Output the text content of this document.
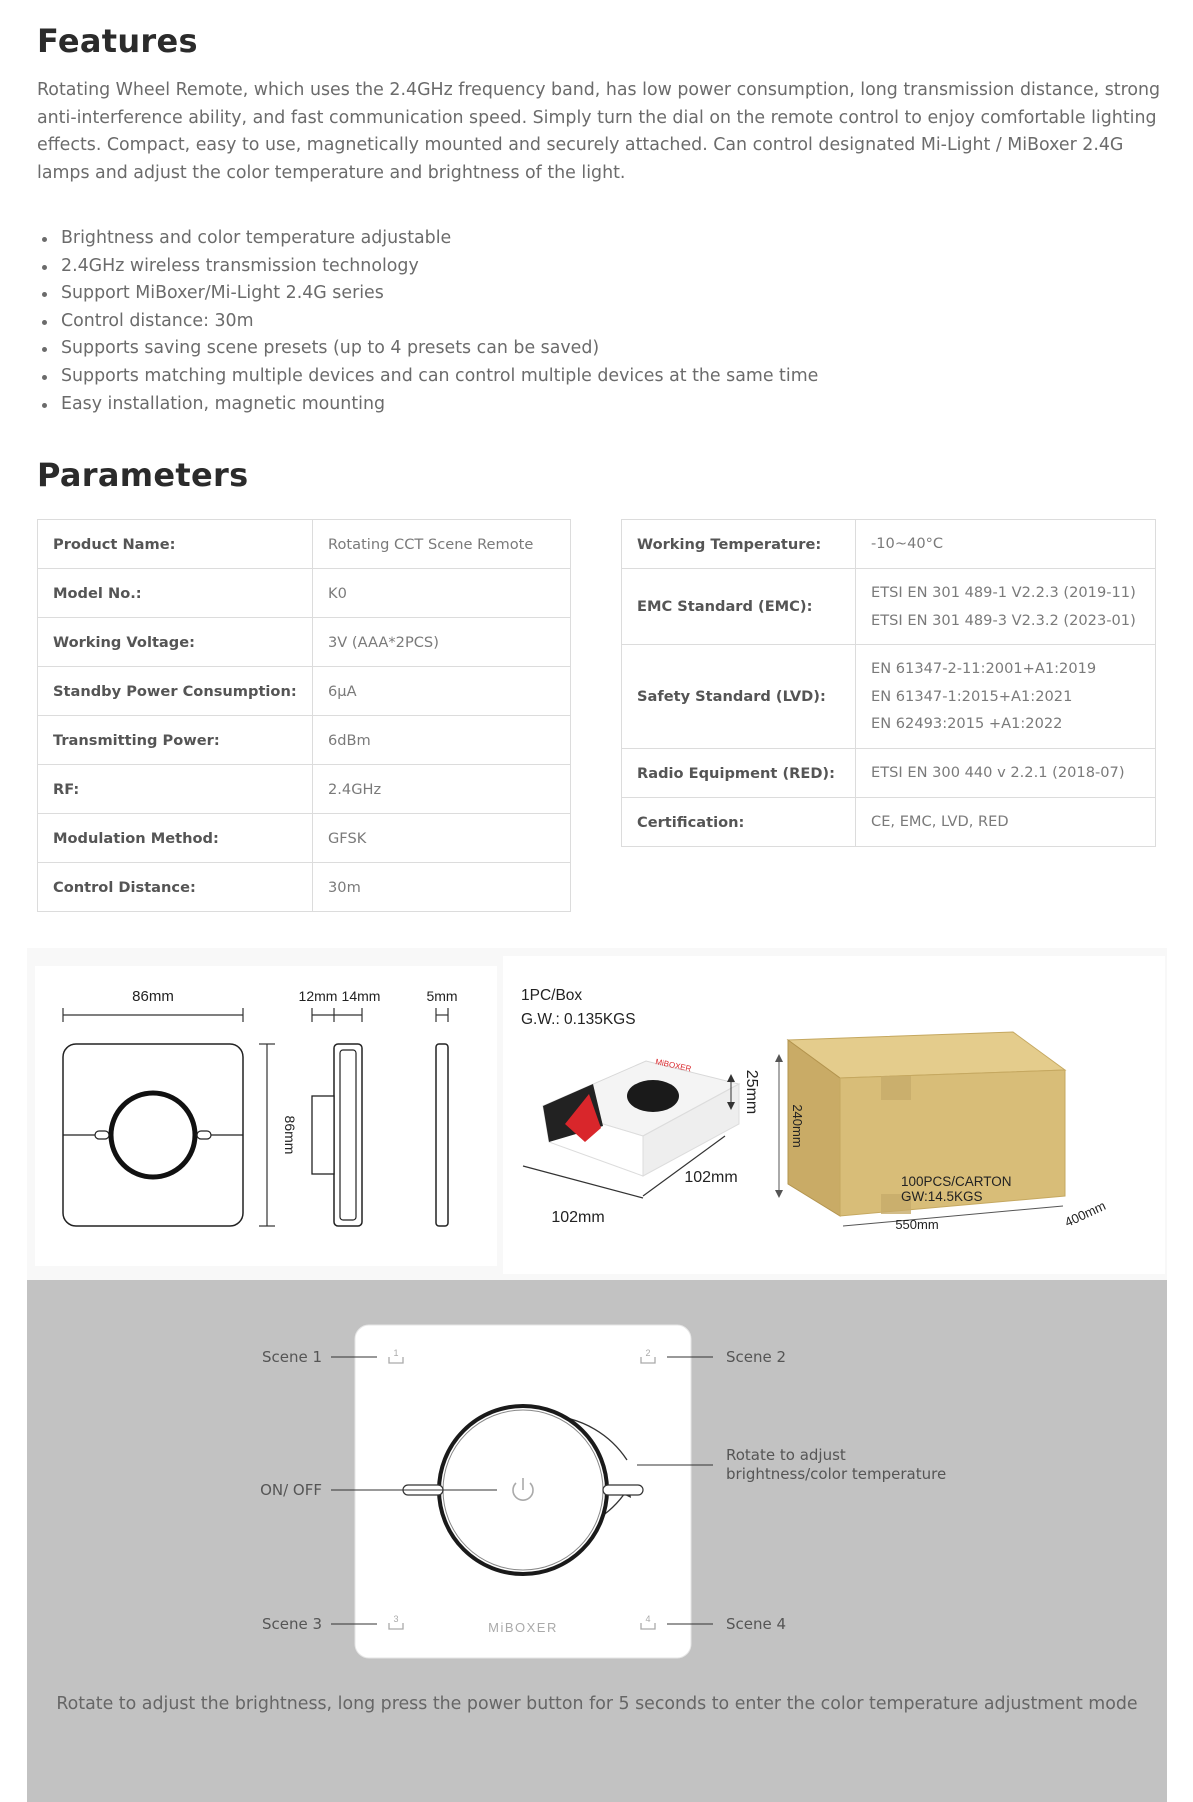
Features

Rotating Wheel Remote, which uses the 2.4GHz frequency band, has low power consumption, long transmission distance, strong anti-interference ability, and fast communication speed. Simply turn the dial on the remote control to enjoy comfortable lighting effects. Compact, easy to use, magnetically mounted and securely attached. Can control designated Mi-Light / MiBoxer 2.4G lamps and adjust the color temperature and brightness of the light.

Brightness and color temperature adjustable
2.4GHz wireless transmission technology
Support MiBoxer/Mi-Light 2.4G series
Control distance: 30m
Supports saving scene presets (up to 4 presets can be saved)
Supports matching multiple devices and can control multiple devices at the same time
Easy installation, magnetic mounting
Parameters
Product Name:	Rotating CCT Scene Remote
Model No.:	K0
Working Voltage:	3V (AAA*2PCS)
Standby Power Consumption:	6μA
Transmitting Power:	6dBm
RF:	2.4GHz
Modulation Method:	GFSK
Control Distance:	30m
Working Temperature:	-10~40°C

EMC Standard (EMC):	ETSI EN 301 489-1 V2.2.3 (2019-11)
ETSI EN 301 489-3 V2.3.2 (2023-01)

Safety Standard (LVD):	EN 61347-2-11:2001+A1:2019
EN 61347-1:2015+A1:2021
EN 62493:2015 +A1:2022

Radio Equipment (RED):	ETSI EN 300 440 v 2.2.1 (2018-07)

Certification:	CE, EMC, LVD, RED
86mm
86mm
12mm 14mm	5mm	1PC/Box
G.W.: 0.135KGS
MiBOXER
25mm
102mm
102mm
240mm
100PCS/CARTON
GW:14.5KGS
550mm	400mm
1	2
3	4
MiBOXER
Scene 1	Scene 2
Scene 3	Scene 4
ON/ OFF
Rotate to adjust
brightness/color temperature
Rotate to adjust the brightness, long press the power button for 5 seconds to enter the color temperature adjustment mode
